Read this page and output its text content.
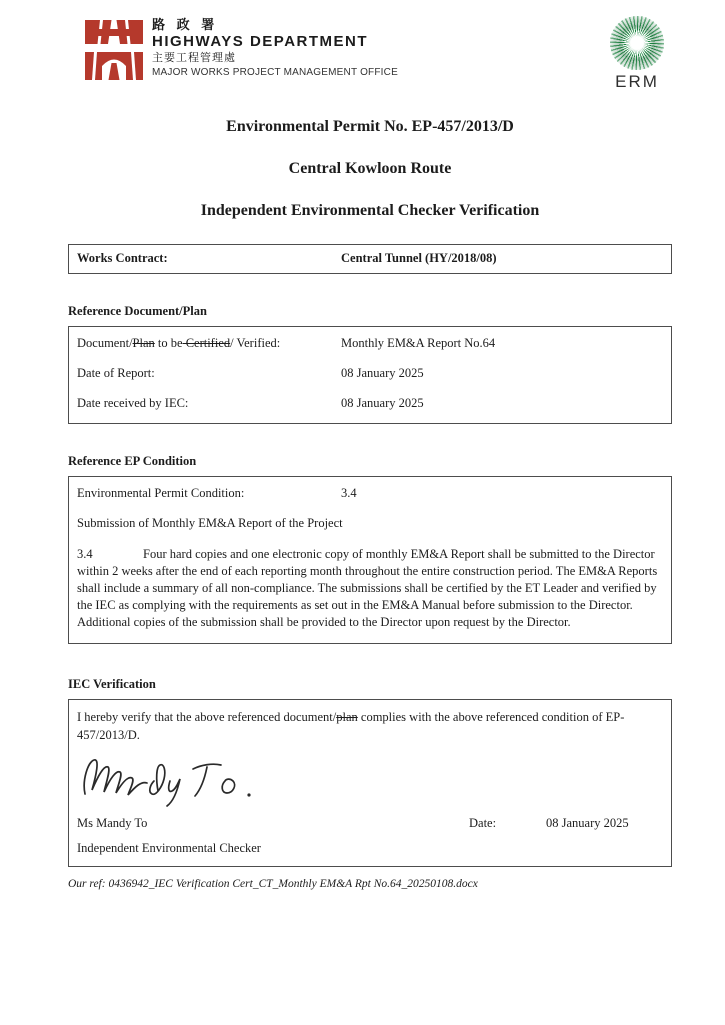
路 政 署
HIGHWAYS DEPARTMENT
主要工程管理處
MAJOR WORKS PROJECT MANAGEMENT OFFICE	ERM
Environmental Permit No. EP-457/2013/D
Central Kowloon Route
Independent Environmental Checker Verification
Works Contract:	Central Tunnel (HY/2018/08)
Reference Document/Plan
Document/Plan to be Certified/ Verified:	Monthly EM&A Report No.64
Date of Report:	08 January 2025
Date received by IEC:	08 January 2025
Reference EP Condition
Environmental Permit Condition:	3.4
Submission of Monthly EM&A Report of the Project
3.4	Four hard copies and one electronic copy of monthly EM&A Report shall be submitted to the Director within 2 weeks after the end of each reporting month throughout the entire construction period. The EM&A Reports shall include a summary of all non-compliance. The submissions shall be certified by the ET Leader and verified by the IEC as complying with the requirements as set out in the EM&A Manual before submission to the Director. Additional copies of the submission shall be provided to the Director upon request by the Director.
IEC Verification
I hereby verify that the above referenced document/plan complies with the above referenced condition of EP-457/2013/D.
Ms Mandy To	Date:	08 January 2025
Independent Environmental Checker
Our ref: 0436942_IEC Verification Cert_CT_Monthly EM&A Rpt No.64_20250108.docx
